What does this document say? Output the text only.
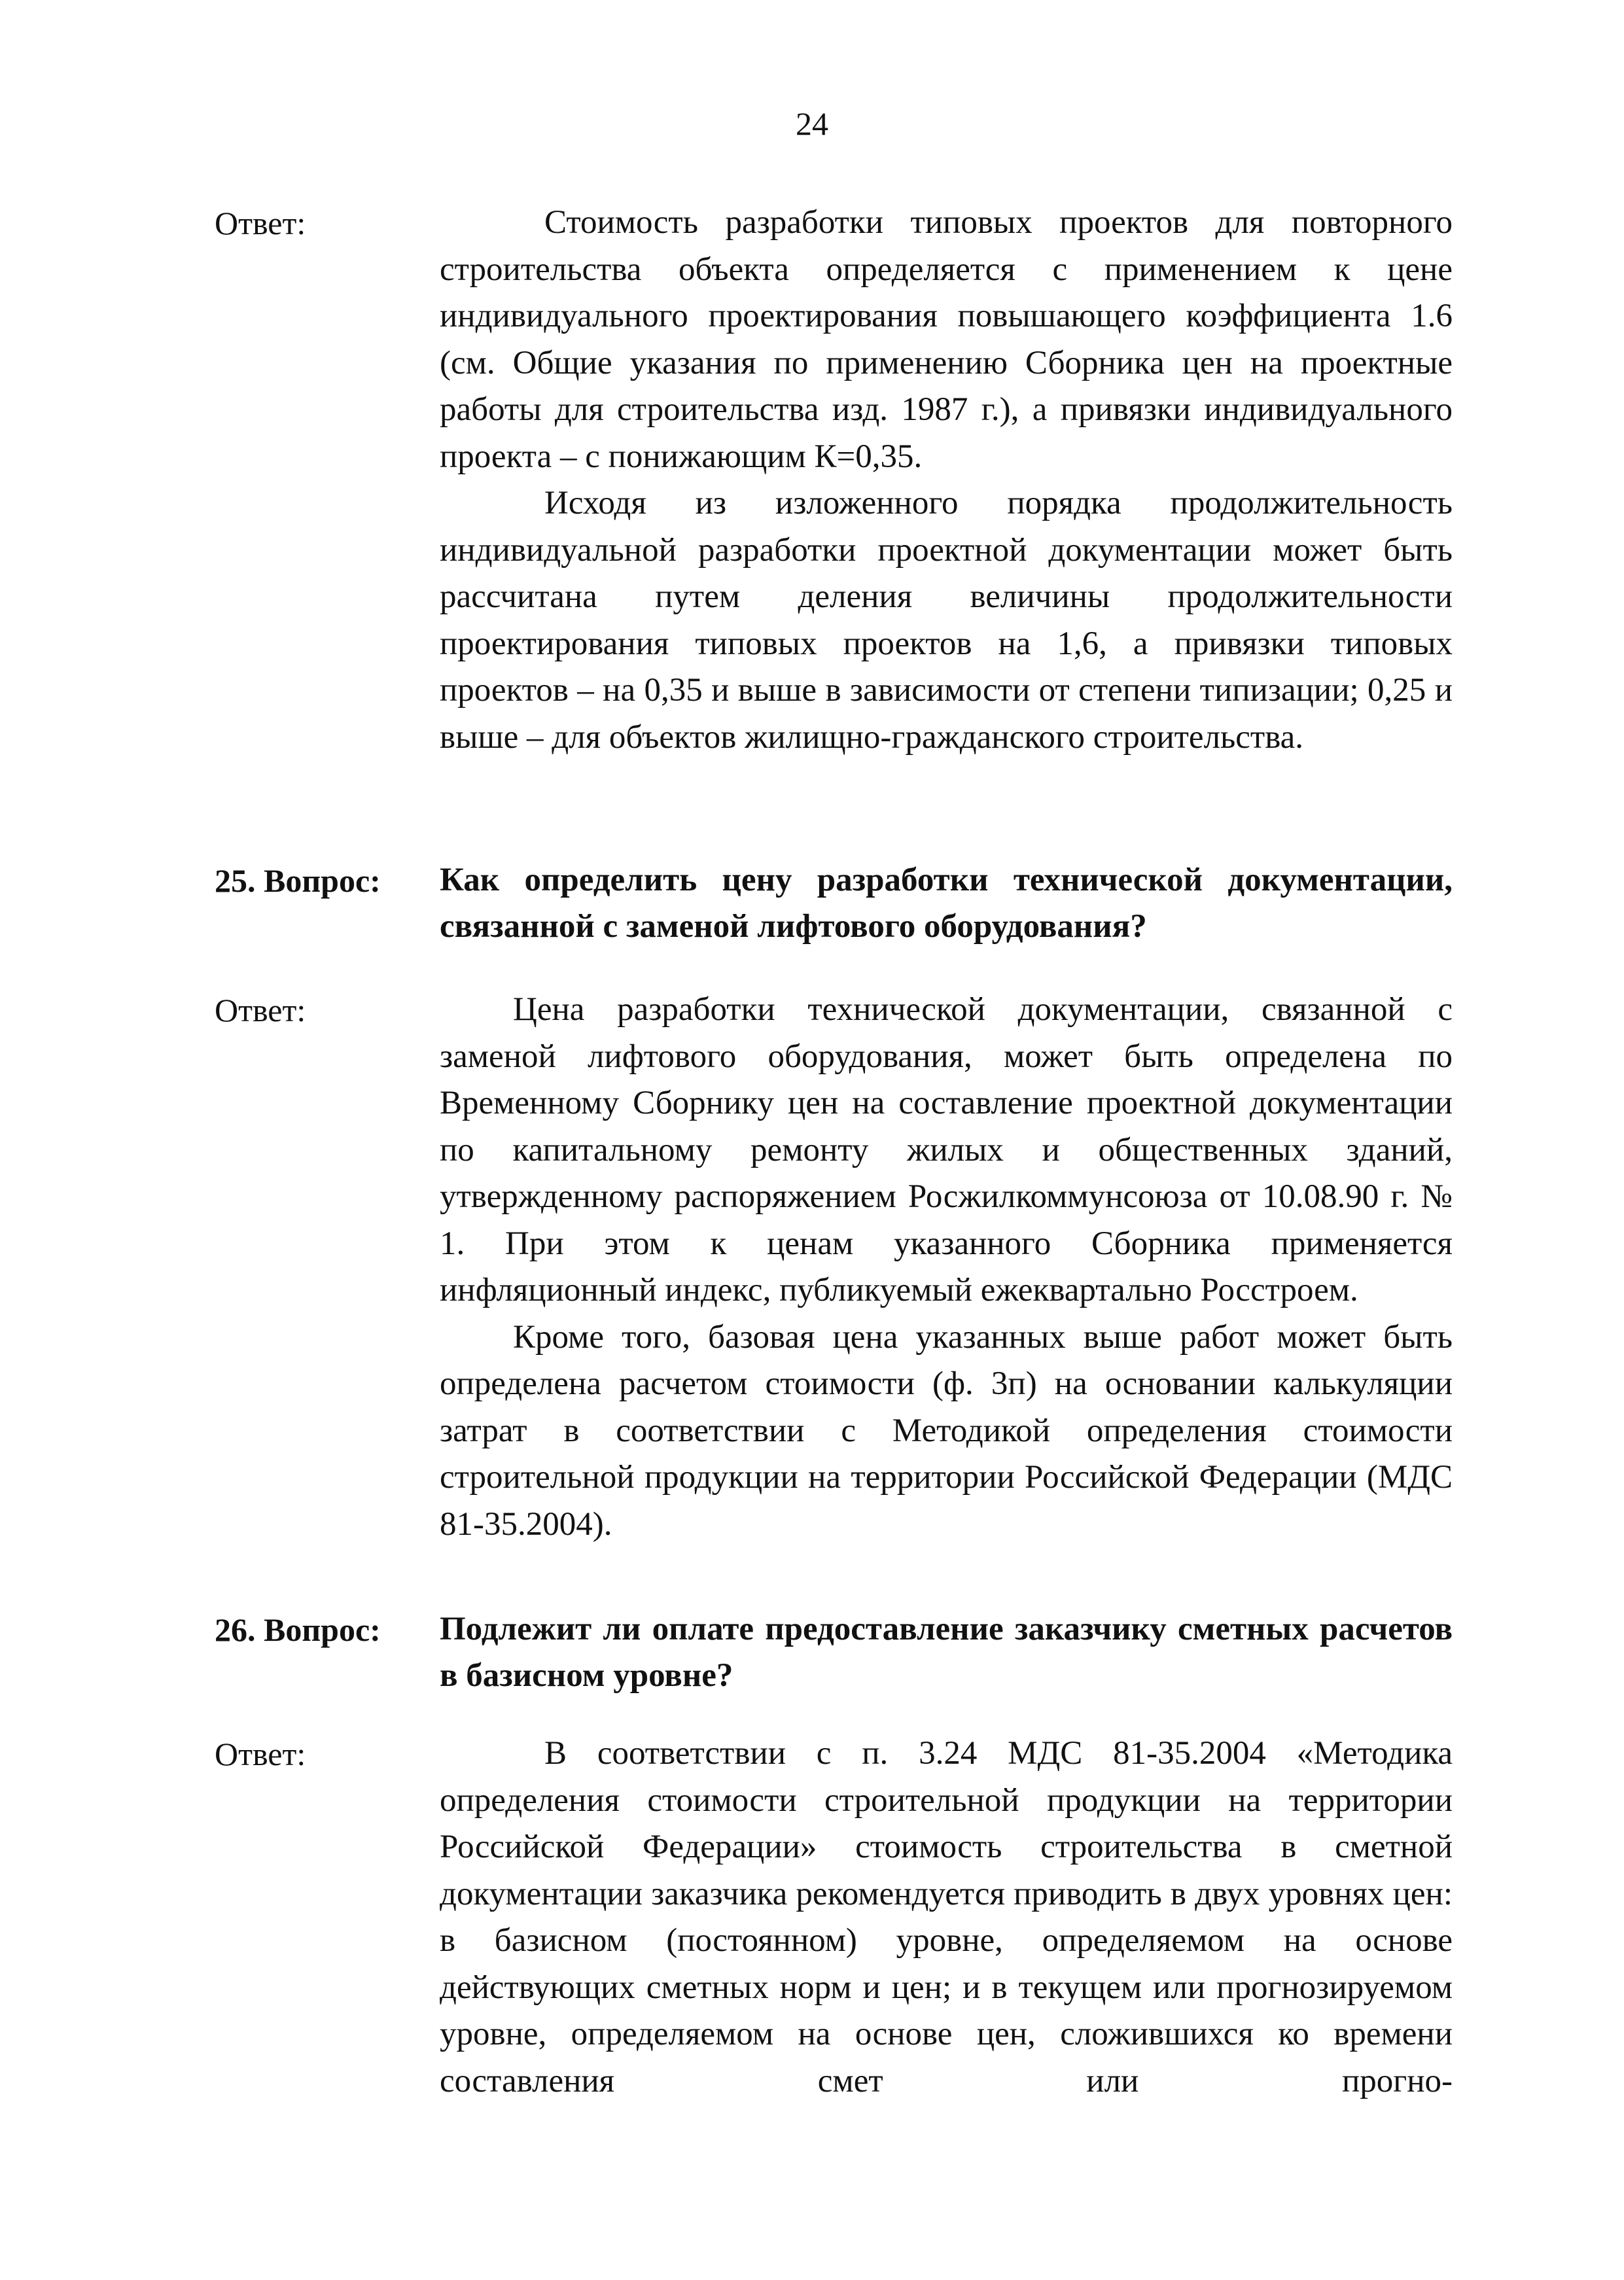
24
Ответ:	Стоимость разработки типовых проектов для повторного строительства объекта определяется с применением к цене индивидуального проектирования повышающего коэффициента 1.6 (см. Общие указания по применению Сборника цен на проектные работы для строительства изд. 1987 г.), а привязки индивидуального проекта – с понижающим К=0,35.

Исходя из изложенного порядка продолжительность индивидуальной разработки проектной документации может быть рассчитана путем деления величины продолжительности проектирования типовых проектов на 1,6, а привязки типовых проектов – на 0,35 и выше в зависимости от степени типизации; 0,25 и выше – для объектов жилищно-гражданского строительства.

25. Вопрос: Как определить цену разработки технической документации, связанной с заменой лифтового оборудования?

Ответ:	Цена разработки технической документации, связанной с заменой лифтового оборудования, может быть определена по Временному Сборнику цен на составление проектной документации по капитальному ремонту жилых и общественных зданий, утвержденному распоряжением Росжилкоммунсоюза от 10.08.90 г. № 1. При этом к ценам указанного Сборника применяется инфляционный индекс, публикуемый ежеквартально Росстроем.

Кроме того, базовая цена указанных выше работ может быть определена расчетом стоимости (ф. 3п) на основании калькуляции затрат в соответствии с Методикой определения стоимости строительной продукции на территории Российской Федерации (МДС 81-35.2004).

26. Вопрос: Подлежит ли оплате предоставление заказчику сметных расчетов в базисном уровне?

Ответ:	В соответствии с п. 3.24 МДС 81-35.2004 «Методика определения стоимости строительной продукции на территории Российской Федерации» стоимость строительства в сметной документации заказчика рекомендуется приводить в двух уровнях цен: в базисном (постоянном) уровне, определяемом на основе действующих сметных норм и цен; и в текущем или прогнозируемом уровне, определяемом на основе цен, сложившихся ко времени составления смет или прогно-
